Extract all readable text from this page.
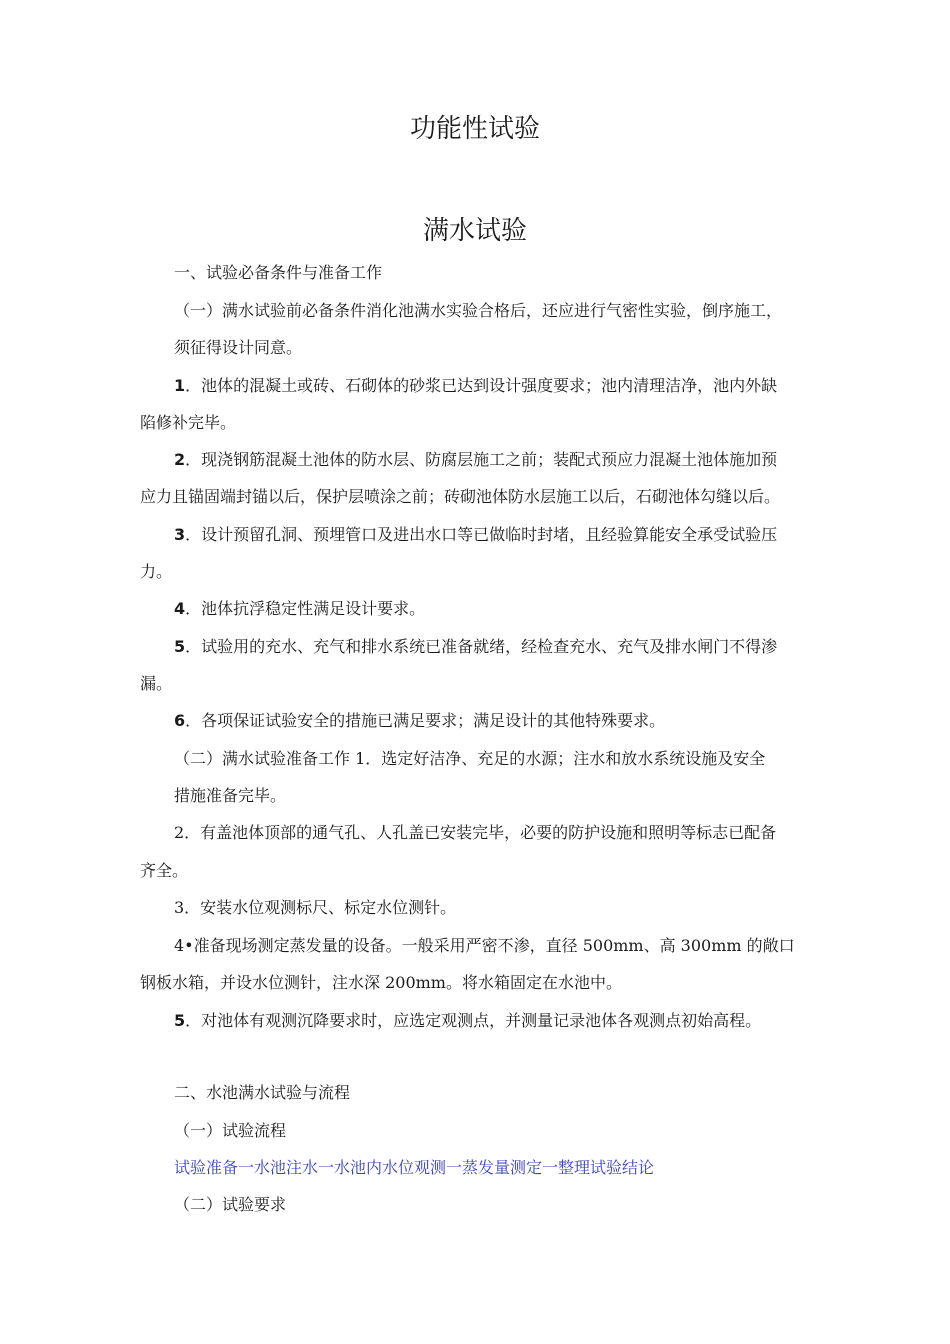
功能性试验
满水试验

一、试验必备条件与准备工作

（一）满水试验前必备条件消化池满水实验合格后，还应进行气密性实验，倒序施工，

须征得设计同意。

1．池体的混凝土或砖、石砌体的砂浆已达到设计强度要求；池内清理洁净，池内外缺

陷修补完毕。

2．现浇钢筋混凝土池体的防水层、防腐层施工之前；装配式预应力混凝土池体施加预

应力且锚固端封锚以后，保护层喷涂之前；砖砌池体防水层施工以后，石砌池体勾缝以后。

3．设计预留孔洞、预埋管口及进出水口等已做临时封堵，且经验算能安全承受试验压

力。

4．池体抗浮稳定性满足设计要求。

5．试验用的充水、充气和排水系统已准备就绪，经检查充水、充气及排水闸门不得渗

漏。

6．各项保证试验安全的措施已满足要求；满足设计的其他特殊要求。

（二）满水试验准备工作 1．选定好洁净、充足的水源；注水和放水系统设施及安全

措施准备完毕。

2．有盖池体顶部的通气孔、人孔盖已安装完毕，必要的防护设施和照明等标志已配备

齐全。

3．安装水位观测标尺、标定水位测针。

4•准备现场测定蒸发量的设备。一般采用严密不渗，直径 500mm、高 300mm 的敞口

钢板水箱，并设水位测针，注水深 200mm。将水箱固定在水池中。

5．对池体有观测沉降要求时，应选定观测点，并测量记录池体各观测点初始高程。

二、水池满水试验与流程

（一）试验流程

试验准备一水池注水一水池内水位观测一蒸发量测定一整理试验结论

（二）试验要求
